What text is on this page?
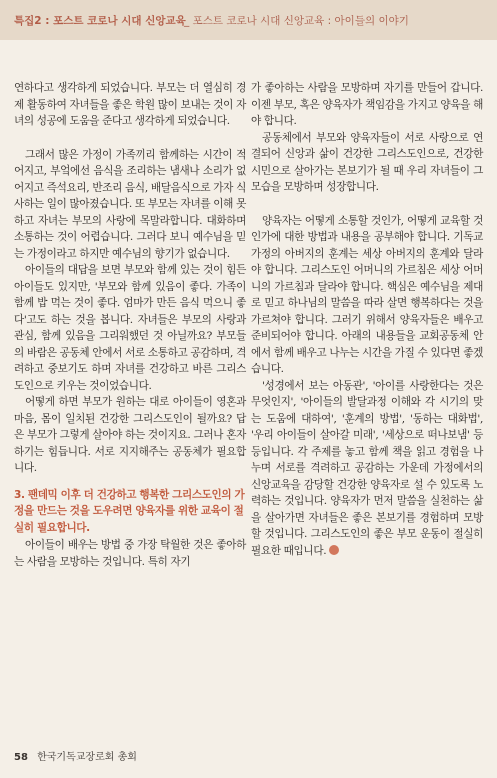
특집2 : 포스트 코로나 시대 신앙교육
_ 포스트 코로나 시대 신앙교육 : 아이들의 이야기

연하다고 생각하게 되었습니다. 부모는 더 열심히 경제 활동하여 자녀들을 좋은 학원 많이 보내는 것이 자녀의 성공에 도움을 준다고 생각하게 되었습니다.

그래서 많은 가정이 가족끼리 함께하는 시간이 적어지고, 부엌에선 음식을 조리하는 냄새나 소리가 없어지고 즉석요리, 반조리 음식, 배달음식으로 가자 식사하는 일이 많아졌습니다. 또 부모는 자녀를 이해 못 하고 자녀는 부모의 사랑에 목말라합니다. 대화하며 소통하는 것이 어렵습니다. 그러다 보니 예수님을 믿는 가정이라고 하지만 예수님의 향기가 없습니다.

아이들의 대답을 보면 부모와 함께 있는 것이 힘든 아이들도 있지만, '부모와 함께 있음이 좋다. 가족이 함께 밥 먹는 것이 좋다. 엄마가 만든 음식 먹으니 좋다'고도 하는 것을 봅니다. 자녀들은 부모의 사랑과 관심, 함께 있음을 그리워했던 것 아닐까요? 부모들의 바람은 공동체 안에서 서로 소통하고 공감하며, 격려하고 중보기도 하며 자녀를 건강하고 바른 그리스도인으로 키우는 것이었습니다.

어떻게 하면 부모가 원하는 대로 아이들이 영혼과 마음, 몸이 일치된 건강한 그리스도인이 될까요? 답은 부모가 그렇게 살아야 하는 것이지요. 그러나 혼자 하기는 힘듭니다. 서로 지지해주는 공동체가 필요합니다.

3. 팬데믹 이후 더 건강하고 행복한 그리스도인의 가정을 만드는 것을 도우려면 양육자를 위한 교육이 절실히 필요합니다.

아이들이 배우는 방법 중 가장 탁월한 것은 좋아하는 사람을 모방하는 것입니다. 특히 자기

가 좋아하는 사람을 모방하며 자기를 만들어 갑니다. 이젠 부모, 혹은 양육자가 책임감을 가지고 양육을 해야 합니다.

공동체에서 부모와 양육자들이 서로 사랑으로 연결되어 신앙과 삶이 건강한 그리스도인으로, 건강한 시민으로 살아가는 본보기가 될 때 우리 자녀들이 그 모습을 모방하며 성장합니다.

양육자는 어떻게 소통할 것인가, 어떻게 교육할 것인가에 대한 방법과 내용을 공부해야 합니다. 기독교 가정의 아버지의 훈계는 세상 아버지의 훈계와 달라야 합니다. 그리스도인 어머니의 가르침은 세상 어머니의 가르침과 달라야 합니다. 핵심은 예수님을 제대로 믿고 하나님의 말씀을 따라 살면 행복하다는 것을 가르쳐야 합니다. 그러기 위해서 양육자들은 배우고 준비되어야 합니다. 아래의 내용들을 교회공동체 안에서 함께 배우고 나누는 시간을 가질 수 있다면 좋겠습니다.

'성경에서 보는 아동관', '아이를 사랑한다는 것은 무엇인지', '아이들의 발달과정 이해와 각 시기의 맞는 도움에 대하여', '훈계의 방법', '동하는 대화법', '우리 아이들이 살아갈 미래', '세상으로 떠나보냄' 등등입니다. 각 주제를 놓고 함께 책을 읽고 경험을 나누며 서로를 격려하고 공감하는 가운데 가정에서의 신앙교육을 감당할 건강한 양육자로 설 수 있도록 노력하는 것입니다. 양육자가 먼저 말씀을 실천하는 삶을 살아가면 자녀들은 좋은 본보기를 경험하며 모방할 것입니다. 그리스도인의 좋은 부모 운동이 절실히 필요한 때입니다.

58 한국기독교장로회 총회
